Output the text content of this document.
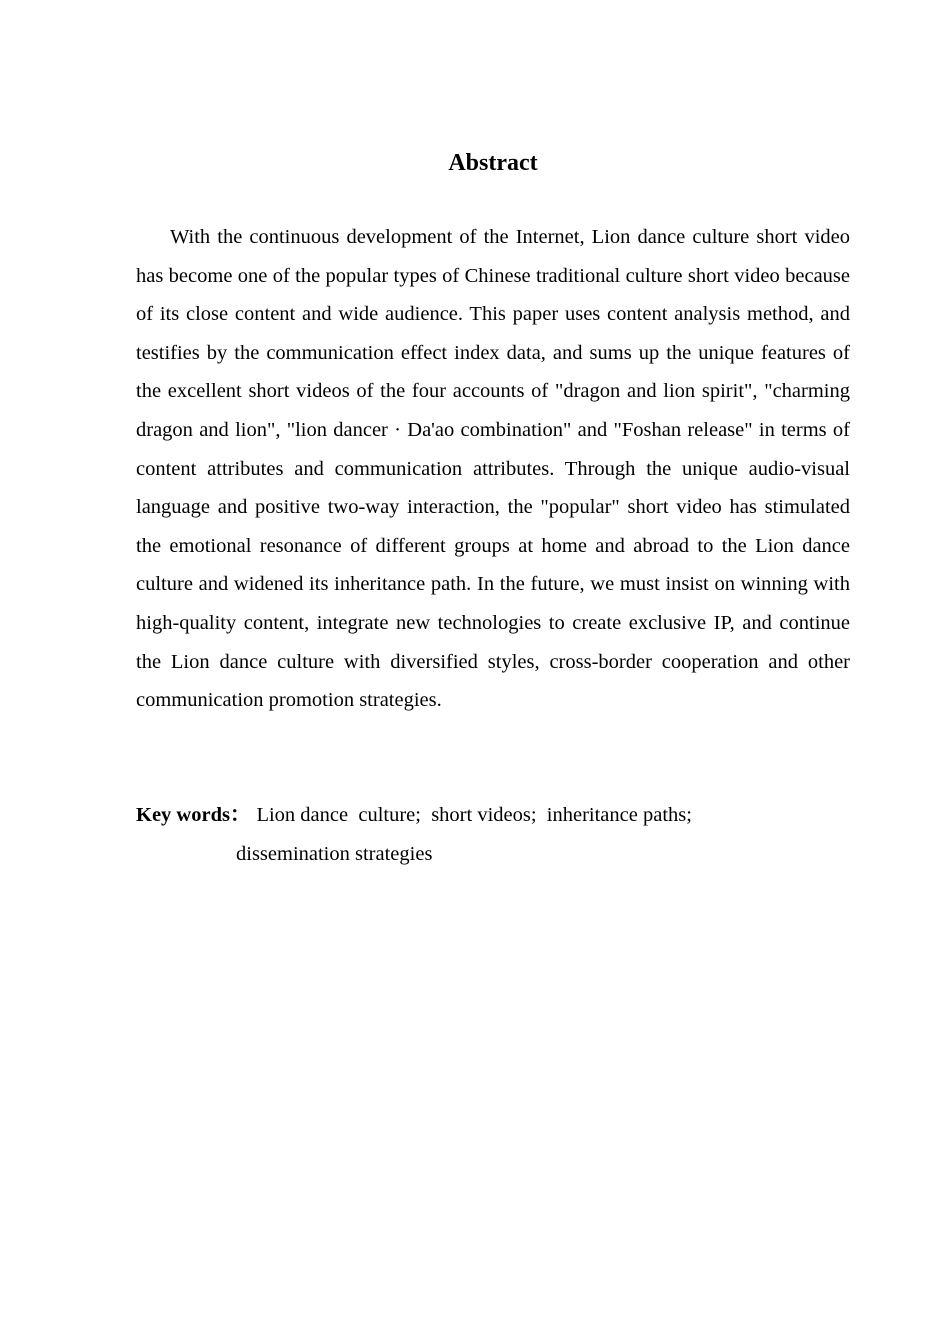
Abstract

With the continuous development of the Internet, Lion dance culture short video has become one of the popular types of Chinese traditional culture short video because of its close content and wide audience. This paper uses content analysis method, and testifies by the communication effect index data, and sums up the unique features of the excellent short videos of the four accounts of "dragon and lion spirit", "charming dragon and lion", "lion dancer · Da'ao combination" and "Foshan release" in terms of content attributes and communication attributes. Through the unique audio-visual language and positive two-way interaction, the "popular" short video has stimulated the emotional resonance of different groups at home and abroad to the Lion dance culture and widened its inheritance path. In the future, we must insist on winning with high-quality content, integrate new technologies to create exclusive IP, and continue the Lion dance culture with diversified styles, cross-border cooperation and other communication promotion strategies.

Key words： Lion dance  culture;  short videos;  inheritance paths;
dissemination strategies
